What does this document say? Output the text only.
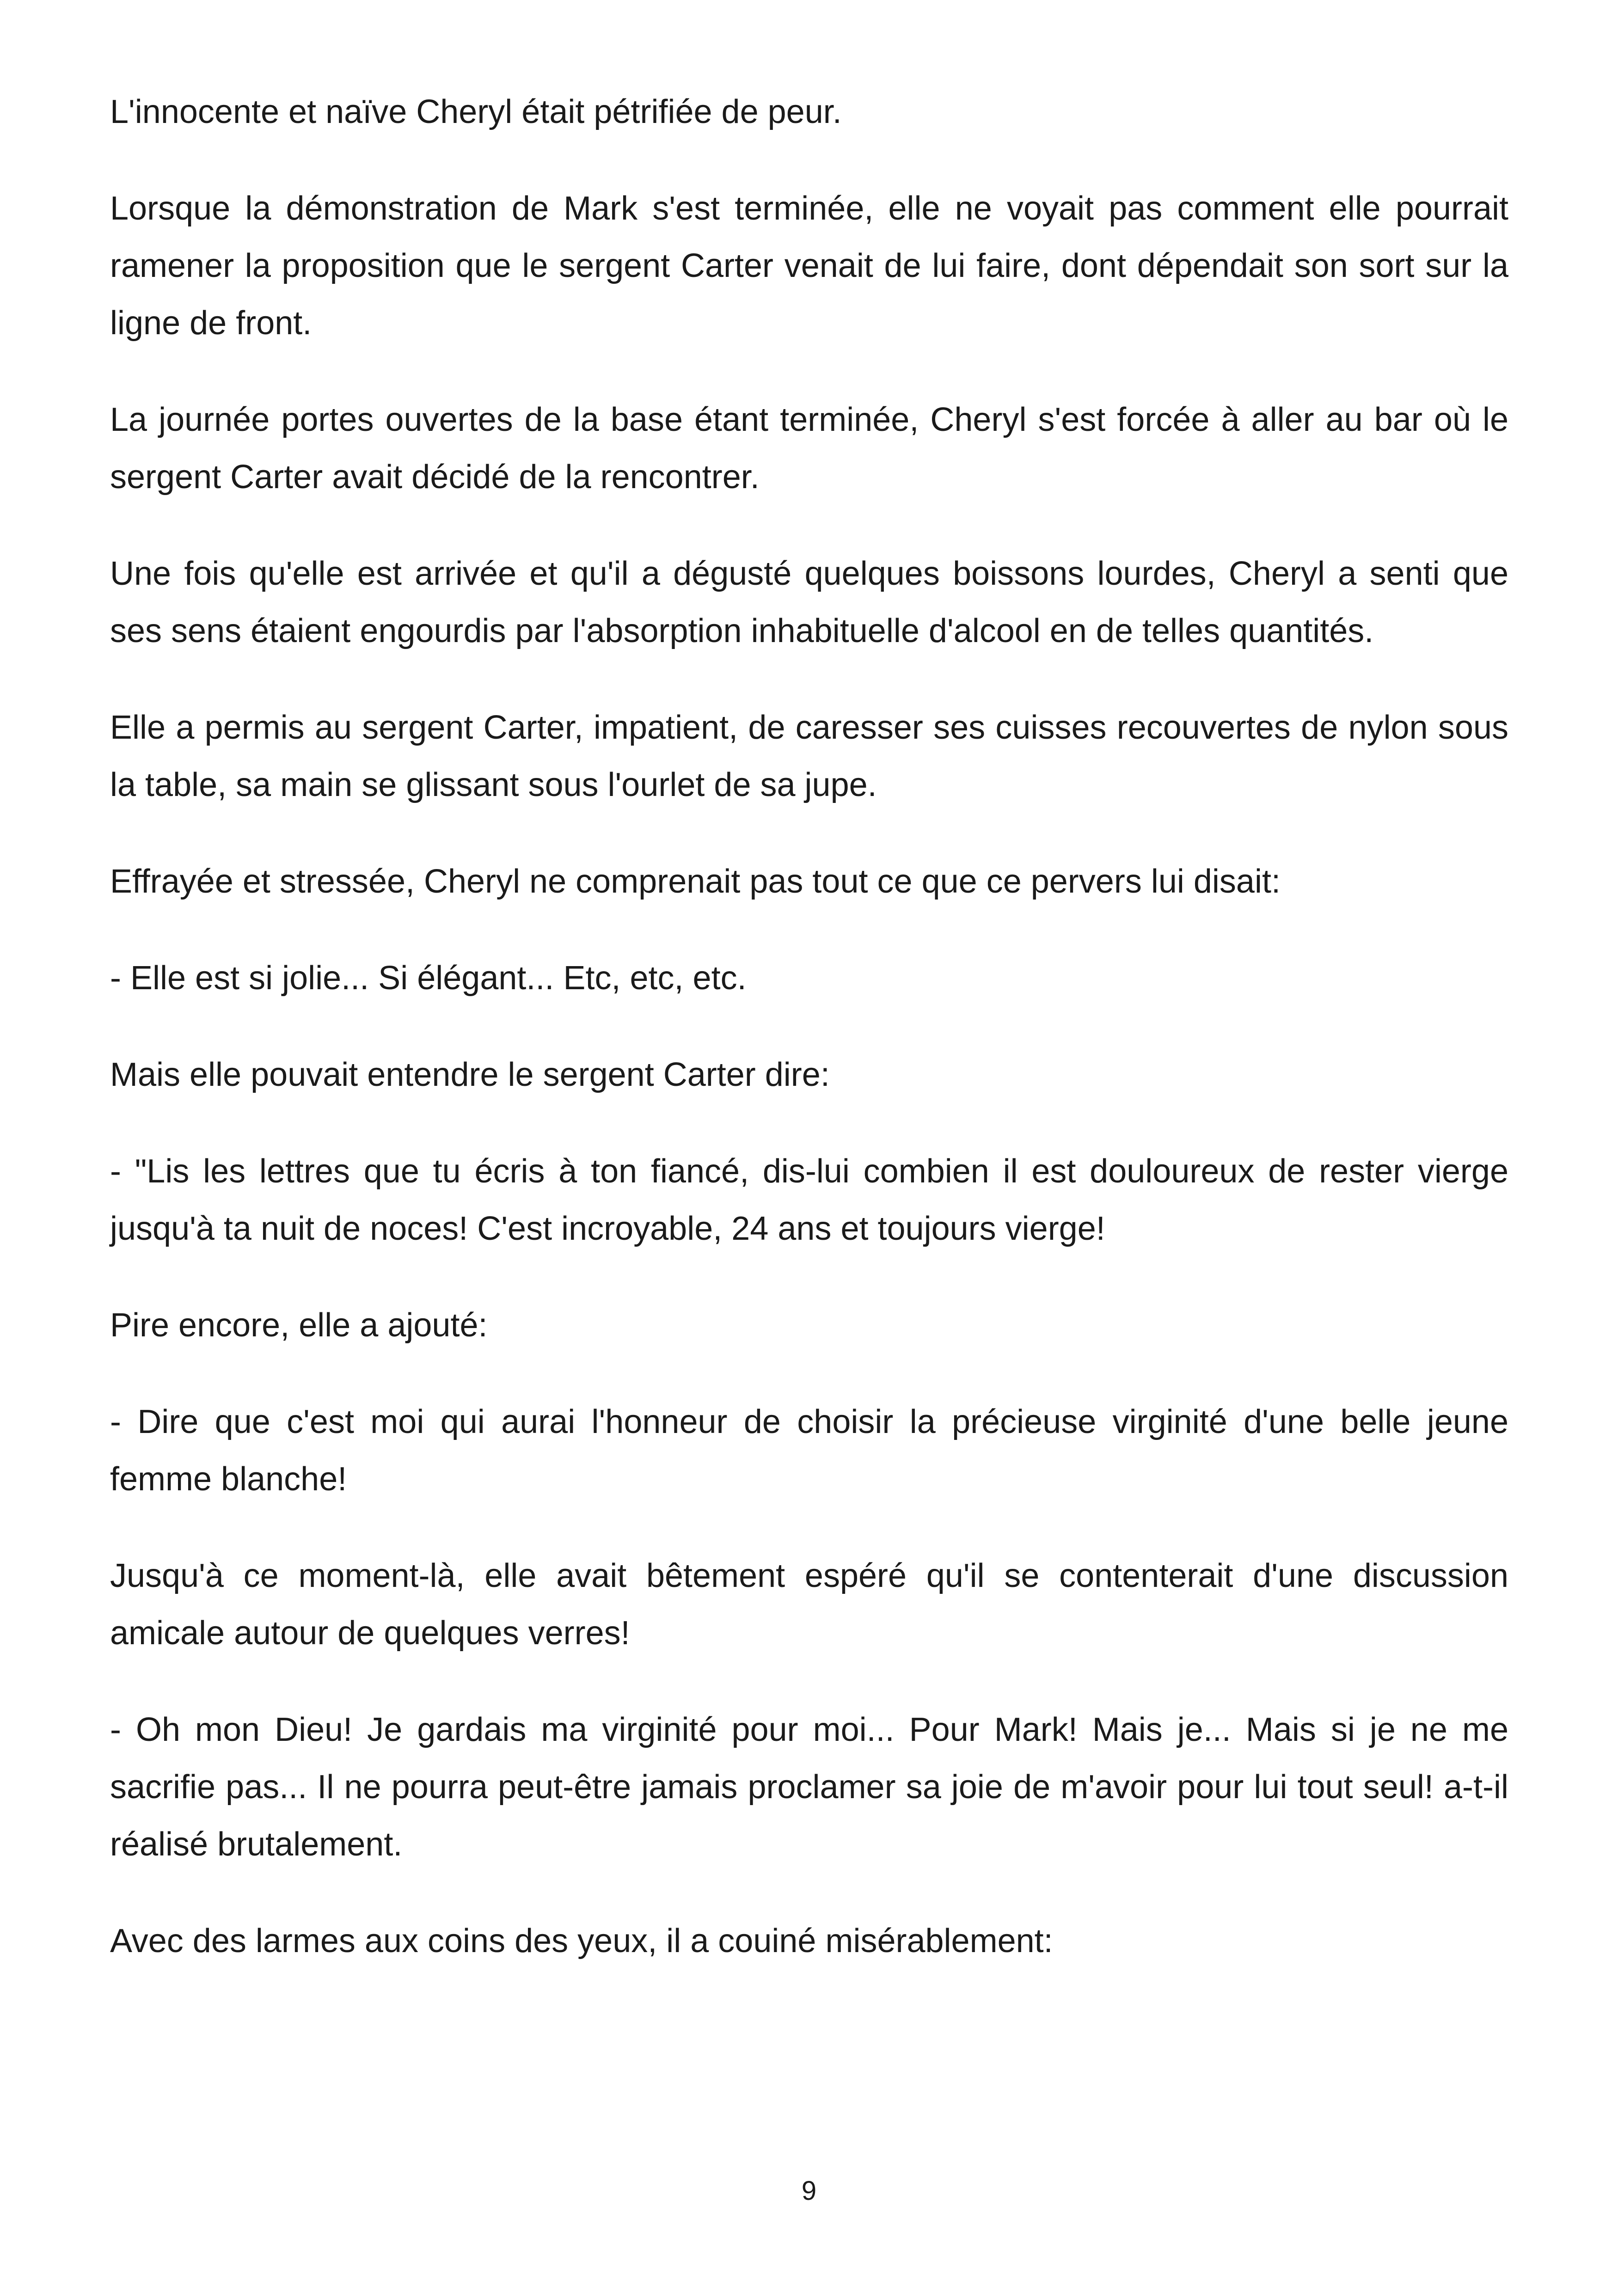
L'innocente et naïve Cheryl était pétrifiée de peur.

Lorsque la démonstration de Mark s'est terminée, elle ne voyait pas comment elle pourrait ramener la proposition que le sergent Carter venait de lui faire, dont dépendait son sort sur la ligne de front.

La journée portes ouvertes de la base étant terminée, Cheryl s'est forcée à aller au bar où le sergent Carter avait décidé de la rencontrer.

Une fois qu'elle est arrivée et qu'il a dégusté quelques boissons lourdes, Cheryl a senti que ses sens étaient engourdis par l'absorption inhabituelle d'alcool en de telles quantités.

Elle a permis au sergent Carter, impatient, de caresser ses cuisses recouvertes de nylon sous la table, sa main se glissant sous l'ourlet de sa jupe.

Effrayée et stressée, Cheryl ne comprenait pas tout ce que ce pervers lui disait:

- Elle est si jolie... Si élégant... Etc, etc, etc.

Mais elle pouvait entendre le sergent Carter dire:

- "Lis les lettres que tu écris à ton fiancé, dis-lui combien il est douloureux de rester vierge jusqu'à ta nuit de noces! C'est incroyable, 24 ans et toujours vierge!

Pire encore, elle a ajouté:

- Dire que c'est moi qui aurai l'honneur de choisir la précieuse virginité d'une belle jeune femme blanche!

Jusqu'à ce moment-là, elle avait bêtement espéré qu'il se contenterait d'une discussion amicale autour de quelques verres!

- Oh mon Dieu! Je gardais ma virginité pour moi... Pour Mark! Mais je... Mais si je ne me sacrifie pas... Il ne pourra peut-être jamais proclamer sa joie de m'avoir pour lui tout seul! a-t-il réalisé brutalement.

Avec des larmes aux coins des yeux, il a couiné misérablement:

9
